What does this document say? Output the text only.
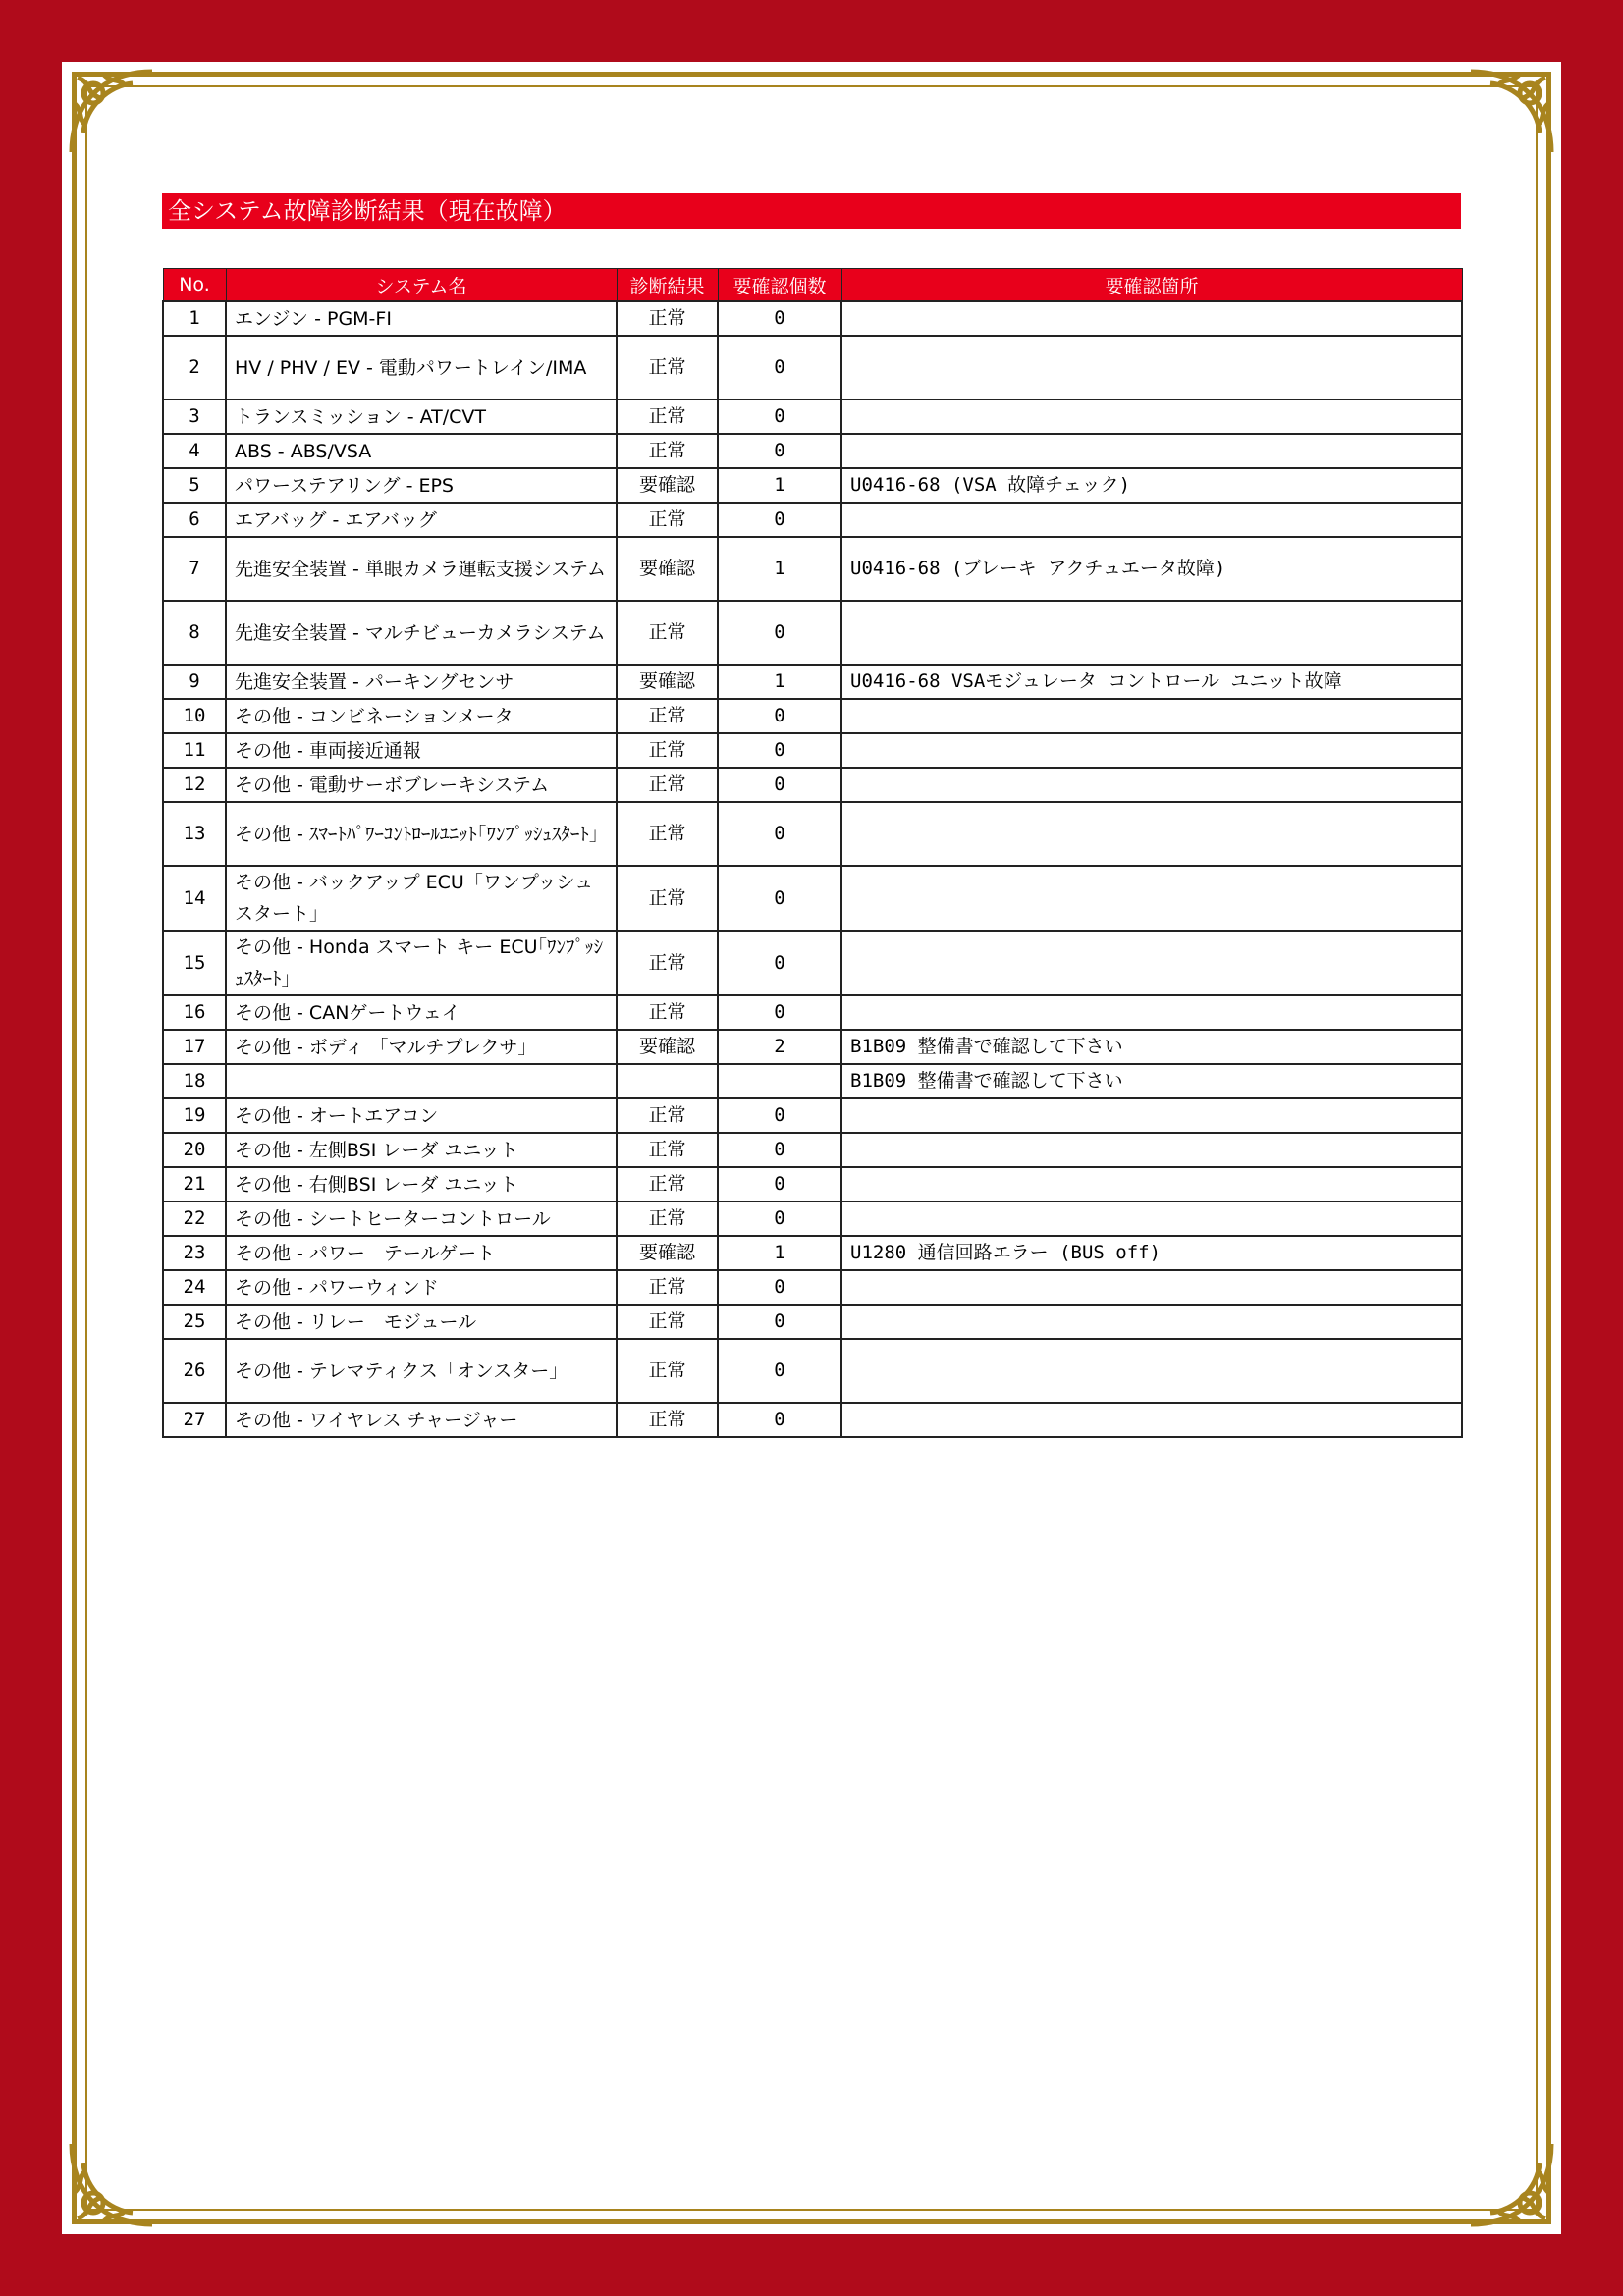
全システム故障診断結果（現在故障）
No.	システム名	診断結果	要確認個数	要確認箇所
1	エンジン - PGM-FI	正常	0	
2	HV / PHV / EV - 電動パワートレイン/IMA	正常	0	
3	トランスミッション - AT/CVT	正常	0	
4	ABS - ABS/VSA	正常	0	
5	パワーステアリング - EPS	要確認	1	U0416-68 (VSA 故障チェック)
6	エアバッグ - エアバッグ	正常	0	
7	先進安全装置 - 単眼カメラ運転支援システム	要確認	1	U0416-68 (ブレーキ アクチュエータ故障)
8	先進安全装置 - マルチビューカメラシステム	正常	0	
9	先進安全装置 - パーキングセンサ	要確認	1	U0416-68 VSAモジュレータ コントロール ユニット故障
10	その他 - コンビネーションメータ	正常	0	
11	その他 - 車両接近通報	正常	0	
12	その他 - 電動サーボブレーキシステム	正常	0	
13	その他 - ｽﾏｰﾄﾊﾟﾜｰｺﾝﾄﾛｰﾙﾕﾆｯﾄ｢ﾜﾝﾌﾟｯｼｭｽﾀｰﾄ｣	正常	0	
14	その他 - バックアップ ECU「ワンプッシュスタート」	正常	0	
15	その他 - Honda スマート キー ECU｢ﾜﾝﾌﾟｯｼｭｽﾀｰﾄ｣	正常	0	
16	その他 - CANゲートウェイ	正常	0	
17	その他 - ボディ 「マルチプレクサ」	要確認	2	B1B09 整備書で確認して下さい
18				B1B09 整備書で確認して下さい
19	その他 - オートエアコン	正常	0	
20	その他 - 左側BSI レーダ ユニット	正常	0	
21	その他 - 右側BSI レーダ ユニット	正常	0	
22	その他 - シートヒーターコントロール	正常	0	
23	その他 - パワー　テールゲート	要確認	1	U1280 通信回路エラー (BUS off)
24	その他 - パワーウィンド	正常	0	
25	その他 - リレー　モジュール	正常	0	
26	その他 - テレマティクス「オンスター」	正常	0	
27	その他 - ワイヤレス チャージャー	正常	0	
